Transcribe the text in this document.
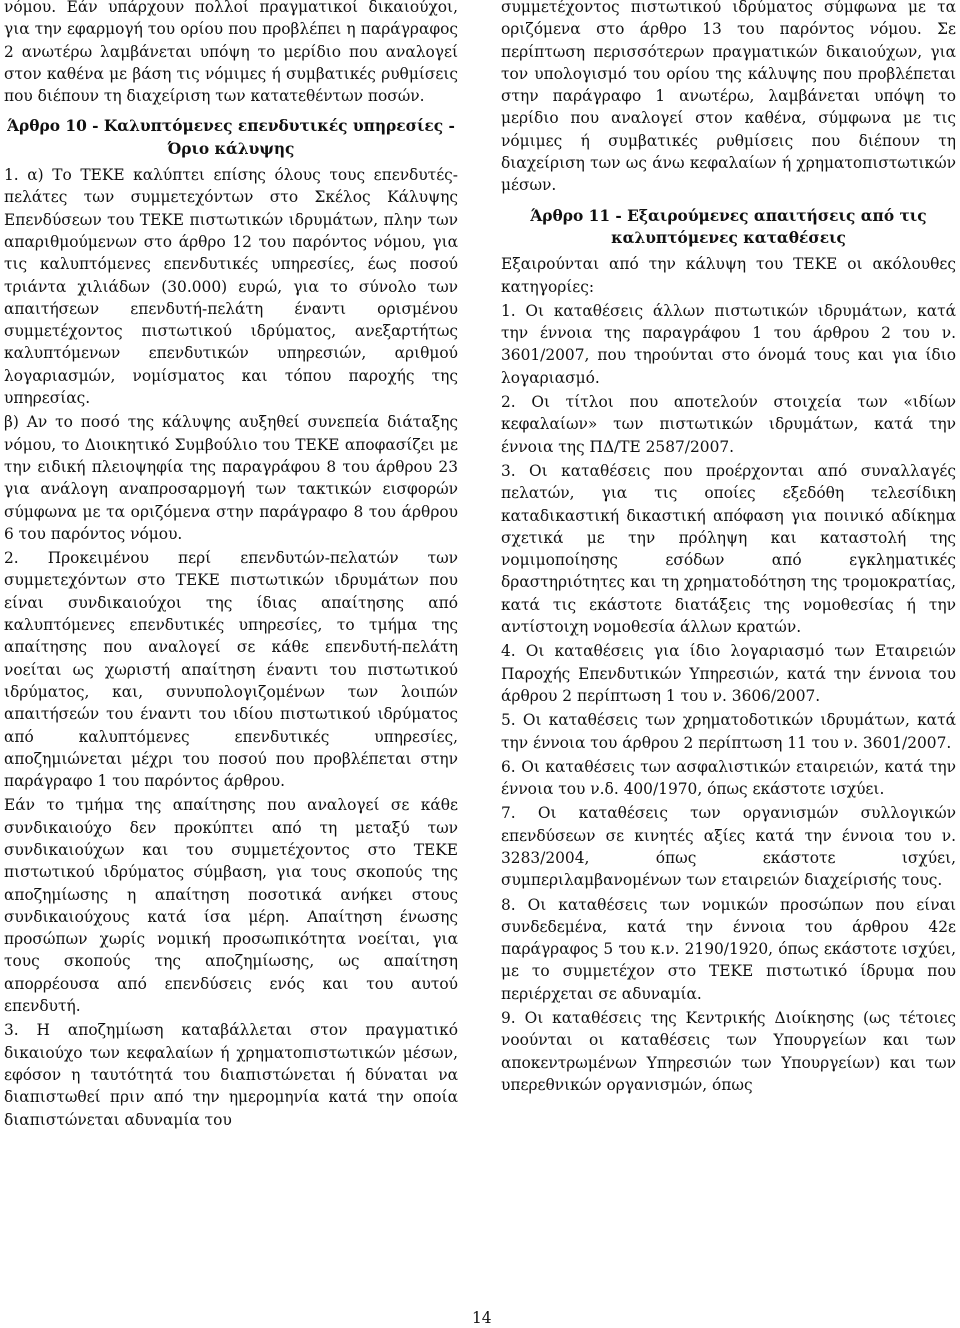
νόμου. Εάν υπάρχουν πολλοί πραγματικοί δικαιούχοι, για την εφαρμογή του ορίου που προβλέπει η παράγραφος 2 ανωτέρω λαμβάνεται υπόψη το μερίδιο που αναλογεί στον καθένα με βάση τις νόμιμες ή συμβατικές ρυθμίσεις που διέπουν τη διαχείριση των κατατεθέντων ποσών.

Άρθρο 10 - Καλυπτόμενες επενδυτικές υπηρεσίες - Όριο κάλυψης

1. α) Το ΤΕΚΕ καλύπτει επίσης όλους τους επενδυτές-πελάτες των συμμετεχόντων στο Σκέλος Κάλυψης Επενδύσεων του ΤΕΚΕ πιστωτικών ιδρυμάτων, πλην των απαριθμούμενων στο άρθρο 12 του παρόντος νόμου, για τις καλυπτόμενες επενδυτικές υπηρεσίες, έως ποσού τριάντα χιλιάδων (30.000) ευρώ, για το σύνολο των απαιτήσεων επενδυτή-πελάτη έναντι ορισμένου συμμετέχοντος πιστωτικού ιδρύματος, ανεξαρτήτως καλυπτόμενων επενδυτικών υπηρεσιών, αριθμού λογαριασμών, νομίσματος και τόπου παροχής της υπηρεσίας.

β) Αν το ποσό της κάλυψης αυξηθεί συνεπεία διάταξης νόμου, το Διοικητικό Συμβούλιο του ΤΕΚΕ αποφασίζει με την ειδική πλειοψηφία της παραγράφου 8 του άρθρου 23 για ανάλογη αναπροσαρμογή των τακτικών εισφορών σύμφωνα με τα οριζόμενα στην παράγραφο 8 του άρθρου 6 του παρόντος νόμου.

2. Προκειμένου περί επενδυτών-πελατών των συμμετεχόντων στο ΤΕΚΕ πιστωτικών ιδρυμάτων που είναι συνδικαιούχοι της ίδιας απαίτησης από καλυπτόμενες επενδυτικές υπηρεσίες, το τμήμα της απαίτησης που αναλογεί σε κάθε επενδυτή-πελάτη νοείται ως χωριστή απαίτηση έναντι του πιστωτικού ιδρύματος, και, συνυπολογιζομένων των λοιπών απαιτήσεών του έναντι του ιδίου πιστωτικού ιδρύματος από καλυπτόμενες επενδυτικές υπηρεσίες, αποζημιώνεται μέχρι του ποσού που προβλέπεται στην παράγραφο 1 του παρόντος άρθρου.

Εάν το τμήμα της απαίτησης που αναλογεί σε κάθε συνδικαιούχο δεν προκύπτει από τη μεταξύ των συνδικαιούχων και του συμμετέχοντος στο ΤΕΚΕ πιστωτικού ιδρύματος σύμβαση, για τους σκοπούς της αποζημίωσης η απαίτηση ποσοτικά ανήκει στους συνδικαιούχους κατά ίσα μέρη. Απαίτηση ένωσης προσώπων χωρίς νομική προσωπικότητα νοείται, για τους σκοπούς της αποζημίωσης, ως απαίτηση απορρέουσα από επενδύσεις ενός και του αυτού επενδυτή.

3. Η αποζημίωση καταβάλλεται στον πραγματικό δικαιούχο των κεφαλαίων ή χρηματοπιστωτικών μέσων, εφόσον η ταυτότητά του διαπιστώνεται ή δύναται να διαπιστωθεί πριν από την ημερομηνία κατά την οποία διαπιστώνεται αδυναμία του

συμμετέχοντος πιστωτικού ιδρύματος σύμφωνα με τα οριζόμενα στο άρθρο 13 του παρόντος νόμου. Σε περίπτωση περισσότερων πραγματικών δικαιούχων, για τον υπολογισμό του ορίου της κάλυψης που προβλέπεται στην παράγραφο 1 ανωτέρω, λαμβάνεται υπόψη το μερίδιο που αναλογεί στον καθένα, σύμφωνα με τις νόμιμες ή συμβατικές ρυθμίσεις που διέπουν τη διαχείριση των ως άνω κεφαλαίων ή χρηματοπιστωτικών μέσων.

Άρθρο 11 - Εξαιρούμενες απαιτήσεις από τις καλυπτόμενες καταθέσεις

Εξαιρούνται από την κάλυψη του ΤΕΚΕ οι ακόλουθες κατηγορίες:

1. Οι καταθέσεις άλλων πιστωτικών ιδρυμάτων, κατά την έννοια της παραγράφου 1 του άρθρου 2 του ν. 3601/2007, που τηρούνται στο όνομά τους και για ίδιο λογαριασμό.

2. Οι τίτλοι που αποτελούν στοιχεία των «ιδίων κεφαλαίων» των πιστωτικών ιδρυμάτων, κατά την έννοια της ΠΔ/ΤΕ 2587/2007.

3. Οι καταθέσεις που προέρχονται από συναλλαγές πελατών, για τις οποίες εξεδόθη τελεσίδικη καταδικαστική δικαστική απόφαση για ποινικό αδίκημα σχετικά με την πρόληψη και καταστολή της νομιμοποίησης εσόδων από εγκληματικές δραστηριότητες και τη χρηματοδότηση της τρομοκρατίας, κατά τις εκάστοτε διατάξεις της νομοθεσίας ή την αντίστοιχη νομοθεσία άλλων κρατών.

4. Οι καταθέσεις για ίδιο λογαριασμό των Εταιρειών Παροχής Επενδυτικών Υπηρεσιών, κατά την έννοια του άρθρου 2 περίπτωση 1 του ν. 3606/2007.

5. Οι καταθέσεις των χρηματοδοτικών ιδρυμάτων, κατά την έννοια του άρθρου 2 περίπτωση 11 του ν. 3601/2007.

6. Οι καταθέσεις των ασφαλιστικών εταιρειών, κατά την έννοια του ν.δ. 400/1970, όπως εκάστοτε ισχύει.

7. Οι καταθέσεις των οργανισμών συλλογικών επενδύσεων σε κινητές αξίες κατά την έννοια του ν. 3283/2004, όπως εκάστοτε ισχύει, συμπεριλαμβανομένων των εταιρειών διαχείρισής τους.

8. Οι καταθέσεις των νομικών προσώπων που είναι συνδεδεμένα, κατά την έννοια του άρθρου 42ε παράγραφος 5 του κ.ν. 2190/1920, όπως εκάστοτε ισχύει, με το συμμετέχον στο ΤΕΚΕ πιστωτικό ίδρυμα που περιέρχεται σε αδυναμία.

9. Οι καταθέσεις της Κεντρικής Διοίκησης (ως τέτοιες νοούνται οι καταθέσεις των Υπουργείων και των αποκεντρωμένων Υπηρεσιών των Υπουργείων) και των υπερεθνικών οργανισμών, όπως

14
